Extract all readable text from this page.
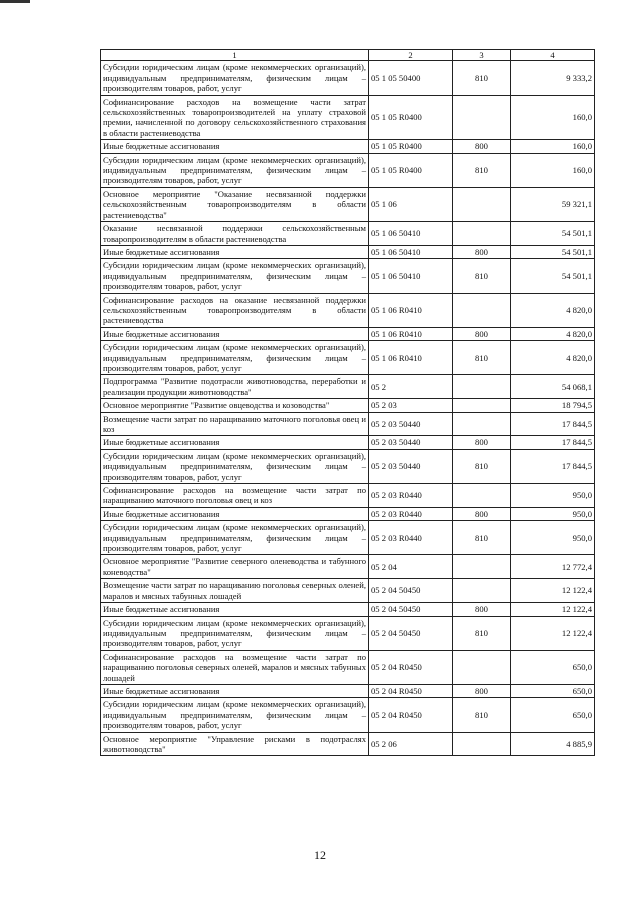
1	2	3	4
Субсидии юридическим лицам (кроме некоммерческих организаций), индивидуальным предпринимателям, физическим лицам – производителям товаров, работ, услуг	05 1 05 50400	810	9 333,2
Софинансирование расходов на возмещение части затрат сельскохозяйственных товаропроизводителей на уплату страховой премии, начисленной по договору сельскохозяйственного страхования в области растениеводства	05 1 05 R0400		160,0
Иные бюджетные ассигнования	05 1 05 R0400	800	160,0
Субсидии юридическим лицам (кроме некоммерческих организаций), индивидуальным предпринимателям, физическим лицам – производителям товаров, работ, услуг	05 1 05 R0400	810	160,0
Основное мероприятие "Оказание несвязанной поддержки сельскохозяйственным товаропроизводителям в области растениеводства"	05 1 06		59 321,1
Оказание несвязанной поддержки сельскохозяйственным товаропроизводителям в области растениеводства	05 1 06 50410		54 501,1
Иные бюджетные ассигнования	05 1 06 50410	800	54 501,1
Субсидии юридическим лицам (кроме некоммерческих организаций), индивидуальным предпринимателям, физическим лицам – производителям товаров, работ, услуг	05 1 06 50410	810	54 501,1
Софинансирование расходов на оказание несвязанной поддержки сельскохозяйственным товаропроизводителям в области растениеводства	05 1 06 R0410		4 820,0
Иные бюджетные ассигнования	05 1 06 R0410	800	4 820,0
Субсидии юридическим лицам (кроме некоммерческих организаций), индивидуальным предпринимателям, физическим лицам – производителям товаров, работ, услуг	05 1 06 R0410	810	4 820,0
Подпрограмма "Развитие подотрасли животноводства, переработки и реализации продукции животноводства"	05 2		54 068,1
Основное мероприятие "Развитие овцеводства и козоводства"	05 2 03		18 794,5
Возмещение части затрат по наращиванию маточного поголовья овец и коз	05 2 03 50440		17 844,5
Иные бюджетные ассигнования	05 2 03 50440	800	17 844,5
Субсидии юридическим лицам (кроме некоммерческих организаций), индивидуальным предпринимателям, физическим лицам – производителям товаров, работ, услуг	05 2 03 50440	810	17 844,5
Софинансирование расходов на возмещение части затрат по наращиванию маточного поголовья овец и коз	05 2 03 R0440		950,0
Иные бюджетные ассигнования	05 2 03 R0440	800	950,0
Субсидии юридическим лицам (кроме некоммерческих организаций), индивидуальным предпринимателям, физическим лицам – производителям товаров, работ, услуг	05 2 03 R0440	810	950,0
Основное мероприятие "Развитие северного оленеводства и табунного коневодства"	05 2 04		12 772,4
Возмещение части затрат по наращиванию поголовья северных оленей, маралов и мясных табунных лошадей	05 2 04 50450		12 122,4
Иные бюджетные ассигнования	05 2 04 50450	800	12 122,4
Субсидии юридическим лицам (кроме некоммерческих организаций), индивидуальным предпринимателям, физическим лицам – производителям товаров, работ, услуг	05 2 04 50450	810	12 122,4
Софинансирование расходов на возмещение части затрат по наращиванию поголовья северных оленей, маралов и мясных табунных лошадей	05 2 04 R0450		650,0
Иные бюджетные ассигнования	05 2 04 R0450	800	650,0
Субсидии юридическим лицам (кроме некоммерческих организаций), индивидуальным предпринимателям, физическим лицам – производителям товаров, работ, услуг	05 2 04 R0450	810	650,0
Основное мероприятие "Управление рисками в подотраслях животноводства"	05 2 06		4 885,9
12
